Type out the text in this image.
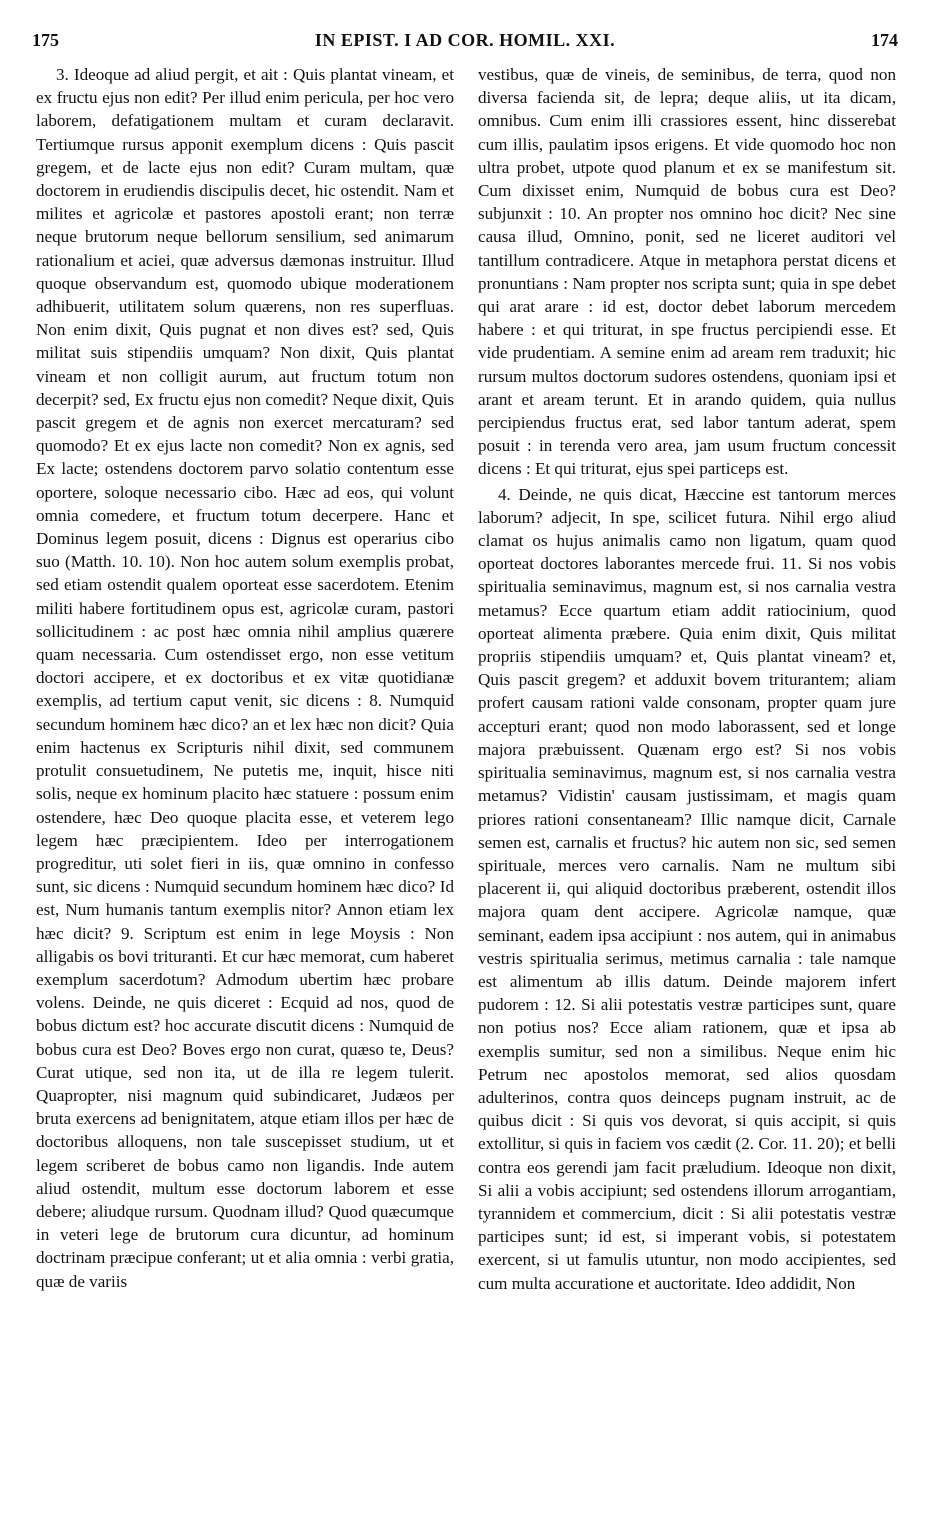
175	IN EPIST. I AD COR. HOMIL. XXI.	174

3. Ideoque ad aliud pergit, et ait : Quis plantat vineam, et ex fructu ejus non edit? Per illud enim pericula, per hoc vero laborem, defatigationem multam et curam declaravit. Tertiumque rursus apponit exemplum dicens : Quis pascit gregem, et de lacte ejus non edit? Curam multam, quæ doctorem in erudiendis discipulis decet, hic ostendit. Nam et milites et agricolæ et pastores apostoli erant; non terræ neque brutorum neque bellorum sensilium, sed animarum rationalium et aciei, quæ adversus dæmonas instruitur. Illud quoque observandum est, quomodo ubique moderationem adhibuerit, utilitatem solum quærens, non res superfluas. Non enim dixit, Quis pugnat et non dives est? sed, Quis militat suis stipendiis umquam? Non dixit, Quis plantat vineam et non colligit aurum, aut fructum totum non decerpit? sed, Ex fructu ejus non comedit? Neque dixit, Quis pascit gregem et de agnis non exercet mercaturam? sed quomodo? Et ex ejus lacte non comedit? Non ex agnis, sed Ex lacte; ostendens doctorem parvo solatio contentum esse oportere, soloque necessario cibo. Hæc ad eos, qui volunt omnia comedere, et fructum totum decerpere. Hanc et Dominus legem posuit, dicens : Dignus est operarius cibo suo (Matth. 10. 10). Non hoc autem solum exemplis probat, sed etiam ostendit qualem oporteat esse sacerdotem. Etenim militi habere fortitudinem opus est, agricolæ curam, pastori sollicitudinem : ac post hæc omnia nihil amplius quærere quam necessaria. Cum ostendisset ergo, non esse vetitum doctori accipere, et ex doctoribus et ex vitæ quotidianæ exemplis, ad tertium caput venit, sic dicens : 8. Numquid secundum hominem hæc dico? an et lex hæc non dicit? Quia enim hactenus ex Scripturis nihil dixit, sed communem protulit consuetudinem, Ne putetis me, inquit, hisce niti solis, neque ex hominum placito hæc statuere : possum enim ostendere, hæc Deo quoque placita esse, et veterem lego legem hæc præcipientem. Ideo per interrogationem progreditur, uti solet fieri in iis, quæ omnino in confesso sunt, sic dicens : Numquid secundum hominem hæc dico? Id est, Num humanis tantum exemplis nitor? Annon etiam lex hæc dicit? 9. Scriptum est enim in lege Moysis : Non alligabis os bovi trituranti. Et cur hæc memorat, cum haberet exemplum sacerdotum? Admodum ubertim hæc probare volens. Deinde, ne quis diceret : Ecquid ad nos, quod de bobus dictum est? hoc accurate discutit dicens : Numquid de bobus cura est Deo? Boves ergo non curat, quæso te, Deus? Curat utique, sed non ita, ut de illa re legem tulerit. Quapropter, nisi magnum quid subindicaret, Judæos per bruta exercens ad benignitatem, atque etiam illos per hæc de doctoribus alloquens, non tale suscepisset studium, ut et legem scriberet de bobus camo non ligandis. Inde autem aliud ostendit, multum esse doctorum laborem et esse debere; aliudque rursum. Quodnam illud? Quod quæcumque in veteri lege de brutorum cura dicuntur, ad hominum doctrinam præcipue conferant; ut et alia omnia : verbi gratia, quæ de variis

vestibus, quæ de vineis, de seminibus, de terra, quod non diversa facienda sit, de lepra; deque aliis, ut ita dicam, omnibus. Cum enim illi crassiores essent, hinc disserebat cum illis, paulatim ipsos erigens. Et vide quomodo hoc non ultra probet, utpote quod planum et ex se manifestum sit. Cum dixisset enim, Numquid de bobus cura est Deo? subjunxit : 10. An propter nos omnino hoc dicit? Nec sine causa illud, Omnino, ponit, sed ne liceret auditori vel tantillum contradicere. Atque in metaphora perstat dicens et pronuntians : Nam propter nos scripta sunt; quia in spe debet qui arat arare : id est, doctor debet laborum mercedem habere : et qui triturat, in spe fructus percipiendi esse. Et vide prudentiam. A semine enim ad aream rem traduxit; hic rursum multos doctorum sudores ostendens, quoniam ipsi et arant et aream terunt. Et in arando quidem, quia nullus percipiendus fructus erat, sed labor tantum aderat, spem posuit : in terenda vero area, jam usum fructum concessit dicens : Et qui triturat, ejus spei particeps est.

4. Deinde, ne quis dicat, Hæccine est tantorum merces laborum? adjecit, In spe, scilicet futura. Nihil ergo aliud clamat os hujus animalis camo non ligatum, quam quod oporteat doctores laborantes mercede frui. 11. Si nos vobis spiritualia seminavimus, magnum est, si nos carnalia vestra metamus? Ecce quartum etiam addit ratiocinium, quod oporteat alimenta præbere. Quia enim dixit, Quis militat propriis stipendiis umquam? et, Quis plantat vineam? et, Quis pascit gregem? et adduxit bovem triturantem; aliam profert causam rationi valde consonam, propter quam jure accepturi erant; quod non modo laborassent, sed et longe majora præbuissent. Quænam ergo est? Si nos vobis spiritualia seminavimus, magnum est, si nos carnalia vestra metamus? Vidistin' causam justissimam, et magis quam priores rationi consentaneam? Illic namque dicit, Carnale semen est, carnalis et fructus? hic autem non sic, sed semen spirituale, merces vero carnalis. Nam ne multum sibi placerent ii, qui aliquid doctoribus præberent, ostendit illos majora quam dent accipere. Agricolæ namque, quæ seminant, eadem ipsa accipiunt : nos autem, qui in animabus vestris spiritualia serimus, metimus carnalia : tale namque est alimentum ab illis datum. Deinde majorem infert pudorem : 12. Si alii potestatis vestræ participes sunt, quare non potius nos? Ecce aliam rationem, quæ et ipsa ab exemplis sumitur, sed non a similibus. Neque enim hic Petrum nec apostolos memorat, sed alios quosdam adulterinos, contra quos deinceps pugnam instruit, ac de quibus dicit : Si quis vos devorat, si quis accipit, si quis extollitur, si quis in faciem vos cædit (2. Cor. 11. 20); et belli contra eos gerendi jam facit præludium. Ideoque non dixit, Si alii a vobis accipiunt; sed ostendens illorum arrogantiam, tyrannidem et commercium, dicit : Si alii potestatis vestræ participes sunt; id est, si imperant vobis, si potestatem exercent, si ut famulis utuntur, non modo accipientes, sed cum multa accuratione et auctoritate. Ideo addidit, Non
